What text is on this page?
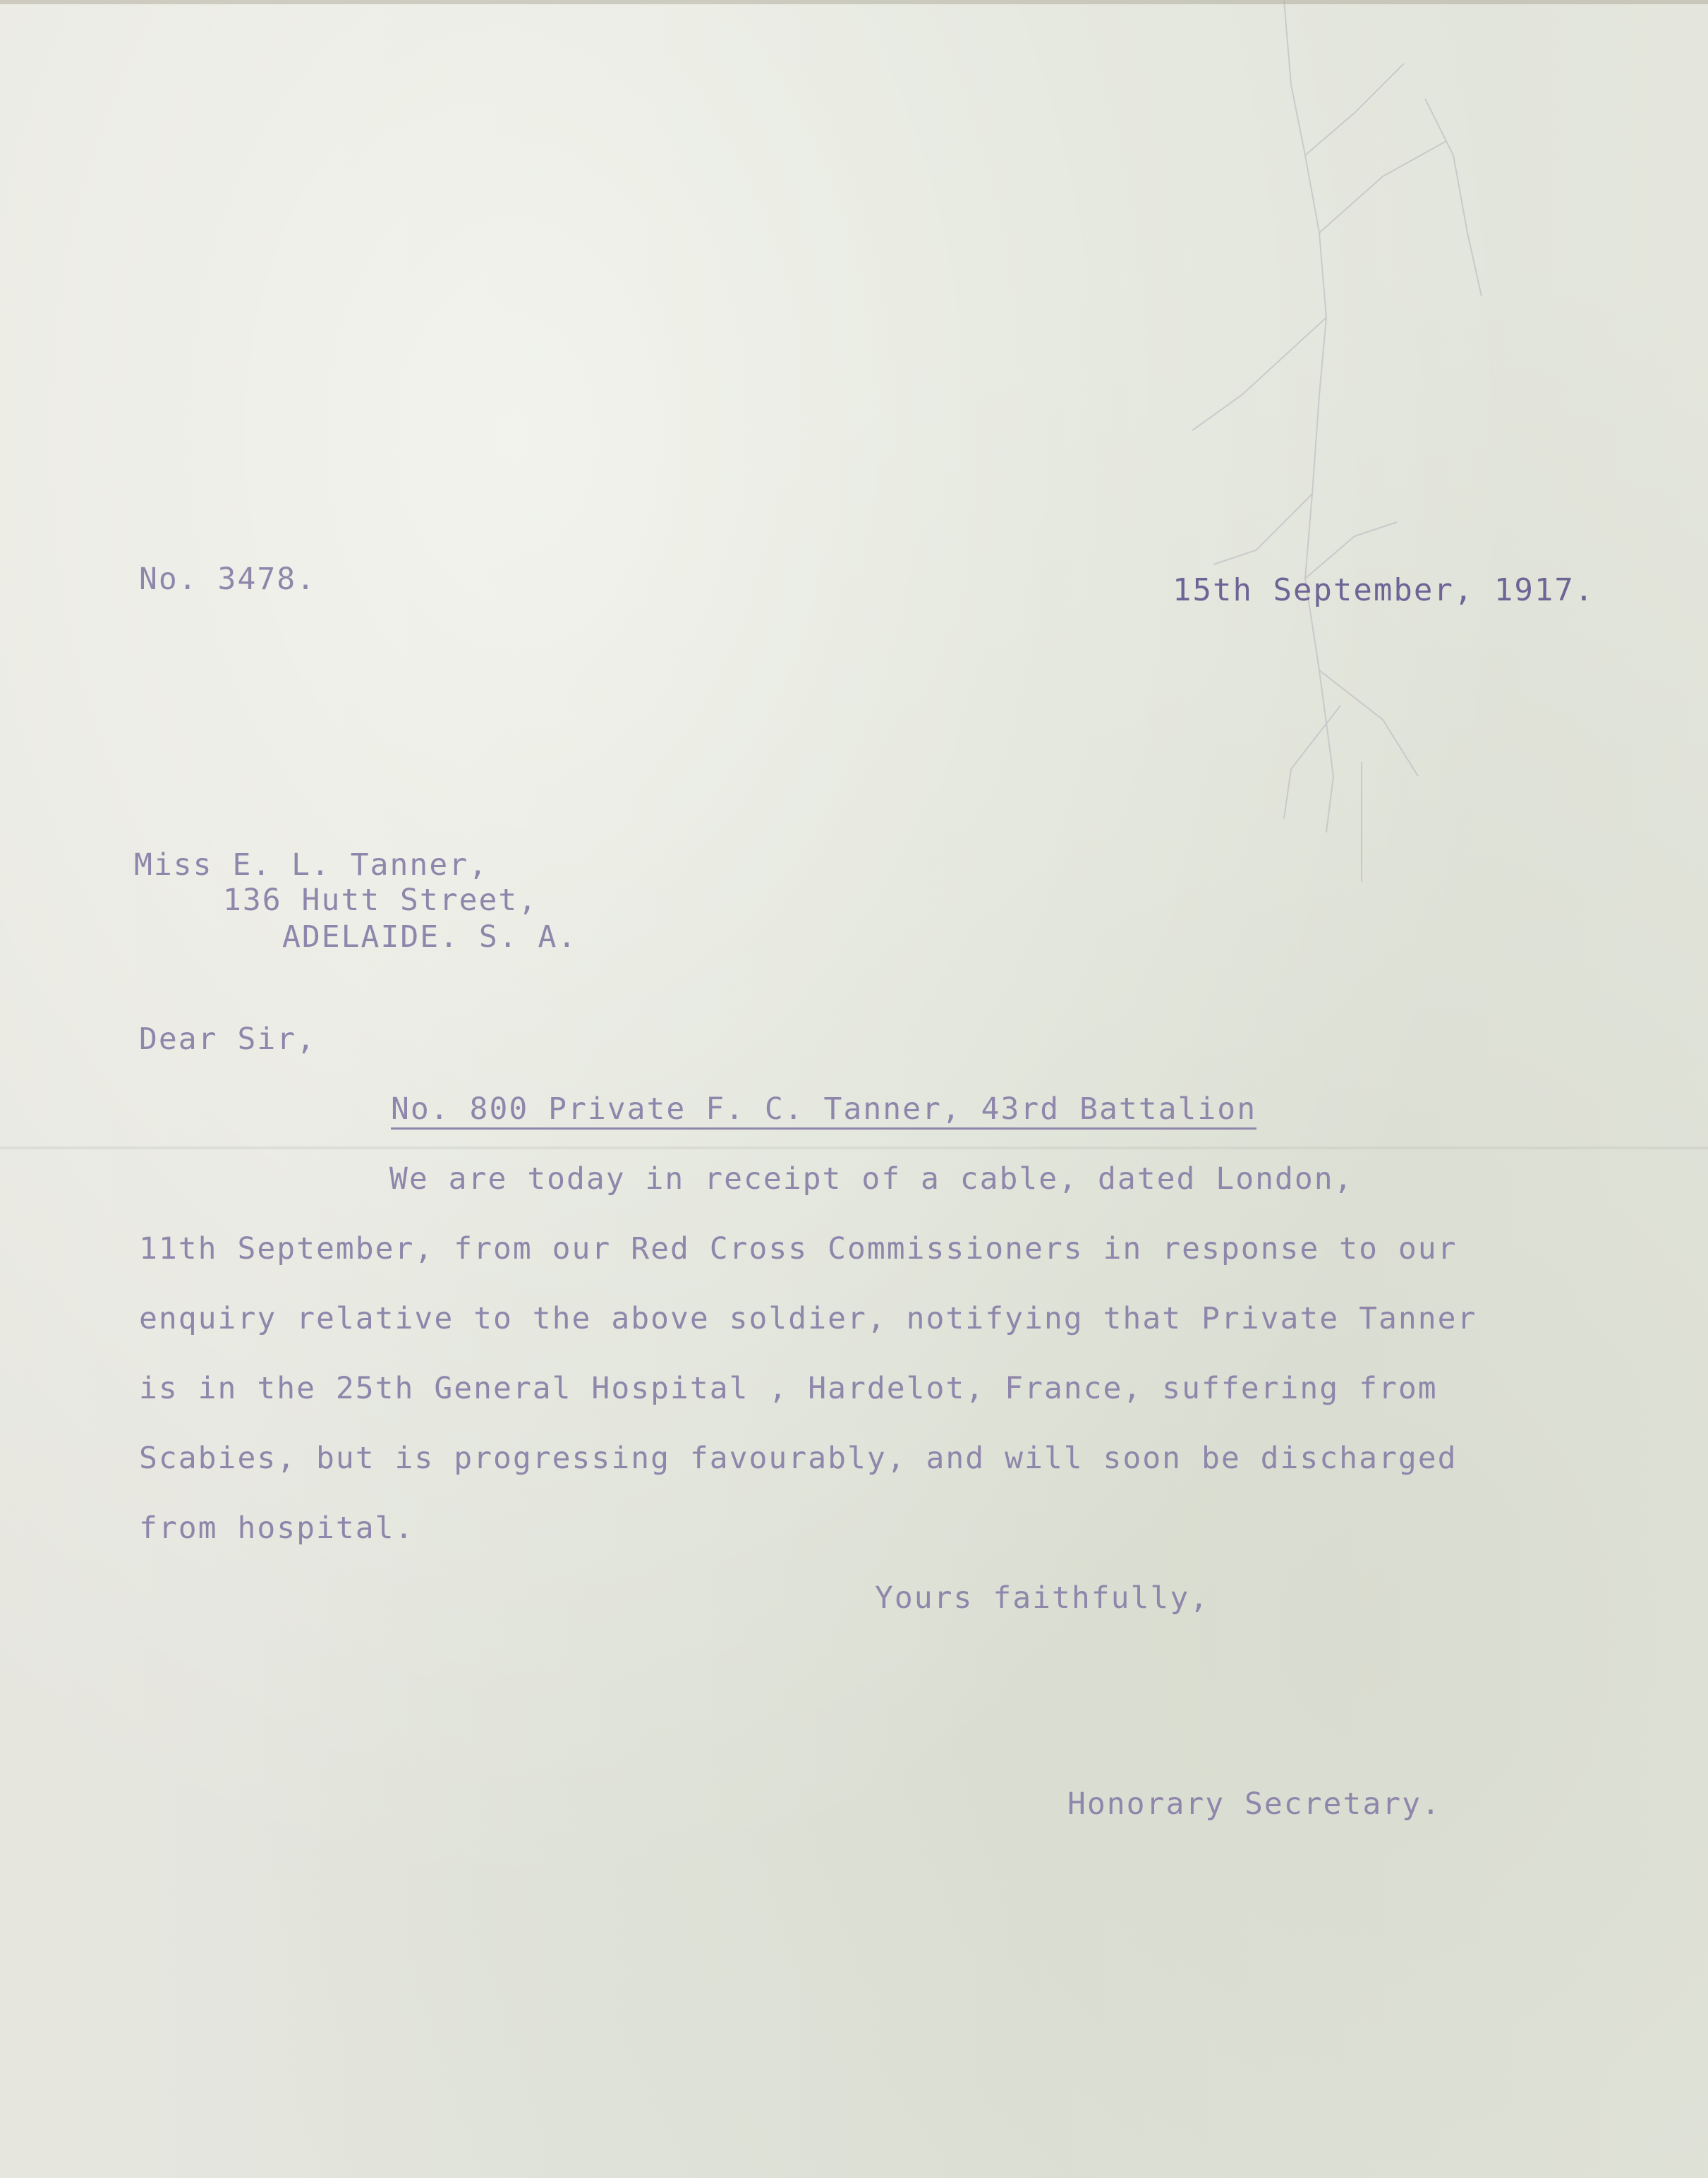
No. 3478.	15th September, 1917.
Miss E. L. Tanner,
136 Hutt Street,
ADELAIDE. S. A.
Dear Sir,
No. 800 Private F. C. Tanner, 43rd Battalion
We are today in receipt of a cable, dated London,
11th September, from our Red Cross Commissioners in response to our
enquiry relative to the above soldier, notifying that Private Tanner
is in the 25th General Hospital , Hardelot, France, suffering from
Scabies, but is progressing favourably, and will soon be discharged
from hospital.
Yours faithfully,
Honorary Secretary.
